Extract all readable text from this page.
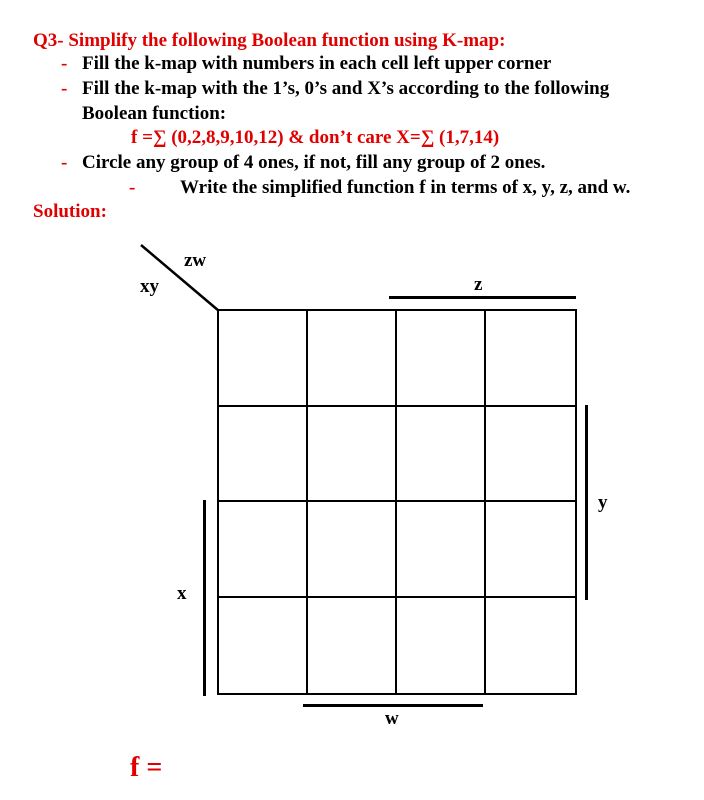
Q3- Simplify the following Boolean function using K-map:
- Fill the k-map with numbers in each cell left upper corner
- Fill the k-map with the 1’s, 0’s and X’s according to the following
Boolean function:
f =∑ (0,2,8,9,10,12) & don’t care X=∑ (1,7,14)
- Circle any group of 4 ones, if not, fill any group of 2 ones.
- Write the simplified function f in terms of x, y, z, and w.
Solution:
zw
xy	z
y
x
w
f =
